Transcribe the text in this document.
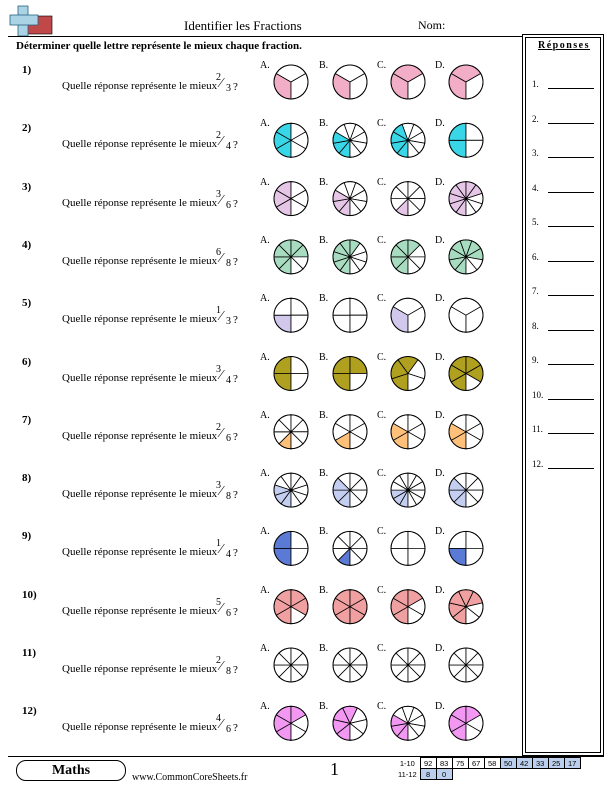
Identifier les Fractions	Nom:
Déterminer quelle lettre représente le mieux chaque fraction.	Réponses
1.
2.
3.
4.
5.
6.
7.
8.
9.
10.
11.
12.
1)
Quelle réponse représente le mieux
2 ⁄ 3 ?
A.	B.	C.	D.
2)
Quelle réponse représente le mieux
2 ⁄ 4 ?
A.	B.	C.	D.
3)
Quelle réponse représente le mieux
3 ⁄ 6 ?
A.	B.	C.	D.
4)
Quelle réponse représente le mieux
6 ⁄ 8 ?
A.	B.	C.	D.
5)
Quelle réponse représente le mieux
1 ⁄ 3 ?
A.	B.	C.	D.
6)
Quelle réponse représente le mieux
3 ⁄ 4 ?
A.	B.	C.	D.
7)
Quelle réponse représente le mieux
2 ⁄ 6 ?
A.	B.	C.	D.
8)
Quelle réponse représente le mieux
3 ⁄ 8 ?
A.	B.	C.	D.
9)
Quelle réponse représente le mieux
1 ⁄ 4 ?
A.	B.	C.	D.
10)
Quelle réponse représente le mieux
5 ⁄ 6 ?
A.	B.	C.	D.
11)
Quelle réponse représente le mieux
2 ⁄ 8 ?
A.	B.	C.	D.
12)
Quelle réponse représente le mieux
4 ⁄ 6 ?
A.	B.	C.	D.
Maths	www.CommonCoreSheets.fr	1	1-10	92	83	75	67	58	50	42	33	25	17
11-12	8	0								
